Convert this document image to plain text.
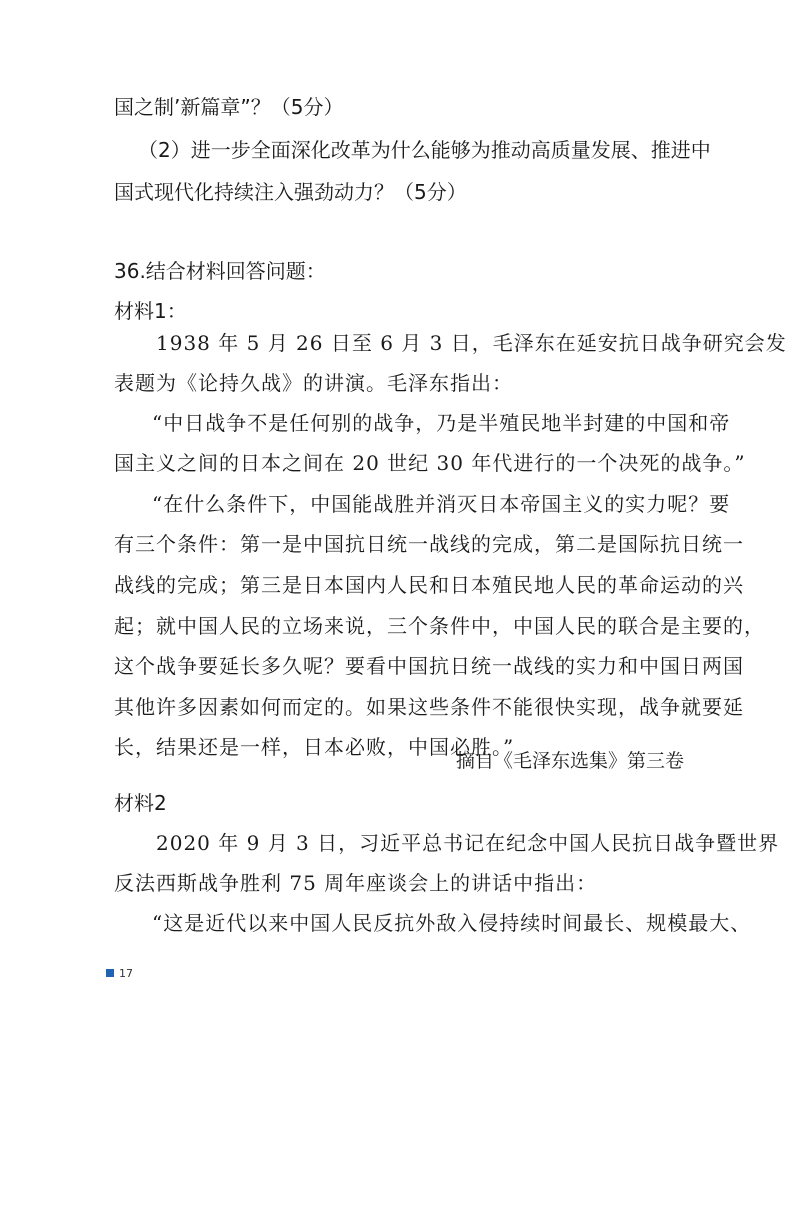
国之制’新篇章”？（5分）
（2）进一步全面深化改革为什么能够为推动高质量发展、推进中
国式现代化持续注入强劲动力？（5分）
36.结合材料回答问题：
材料1：
1938 年 5 月 26 日至 6 月 3 日，毛泽东在延安抗日战争研究会发
表题为《论持久战》的讲演。毛泽东指出：
“中日战争不是任何别的战争，乃是半殖民地半封建的中国和帝
国主义之间的日本之间在 20 世纪 30 年代进行的一个决死的战争。”
“在什么条件下，中国能战胜并消灭日本帝国主义的实力呢？要
有三个条件：第一是中国抗日统一战线的完成，第二是国际抗日统一
战线的完成；第三是日本国内人民和日本殖民地人民的革命运动的兴
起；就中国人民的立场来说，三个条件中，中国人民的联合是主要的，
这个战争要延长多久呢？要看中国抗日统一战线的实力和中国日两国
其他许多因素如何而定的。如果这些条件不能很快实现，战争就要延
长，结果还是一样，日本必败，中国必胜。”
摘自《毛泽东选集》第三卷
材料2
2020 年 9 月 3 日，习近平总书记在纪念中国人民抗日战争暨世界
反法西斯战争胜利 75 周年座谈会上的讲话中指出：
“这是近代以来中国人民反抗外敌入侵持续时间最长、规模最大、
17
